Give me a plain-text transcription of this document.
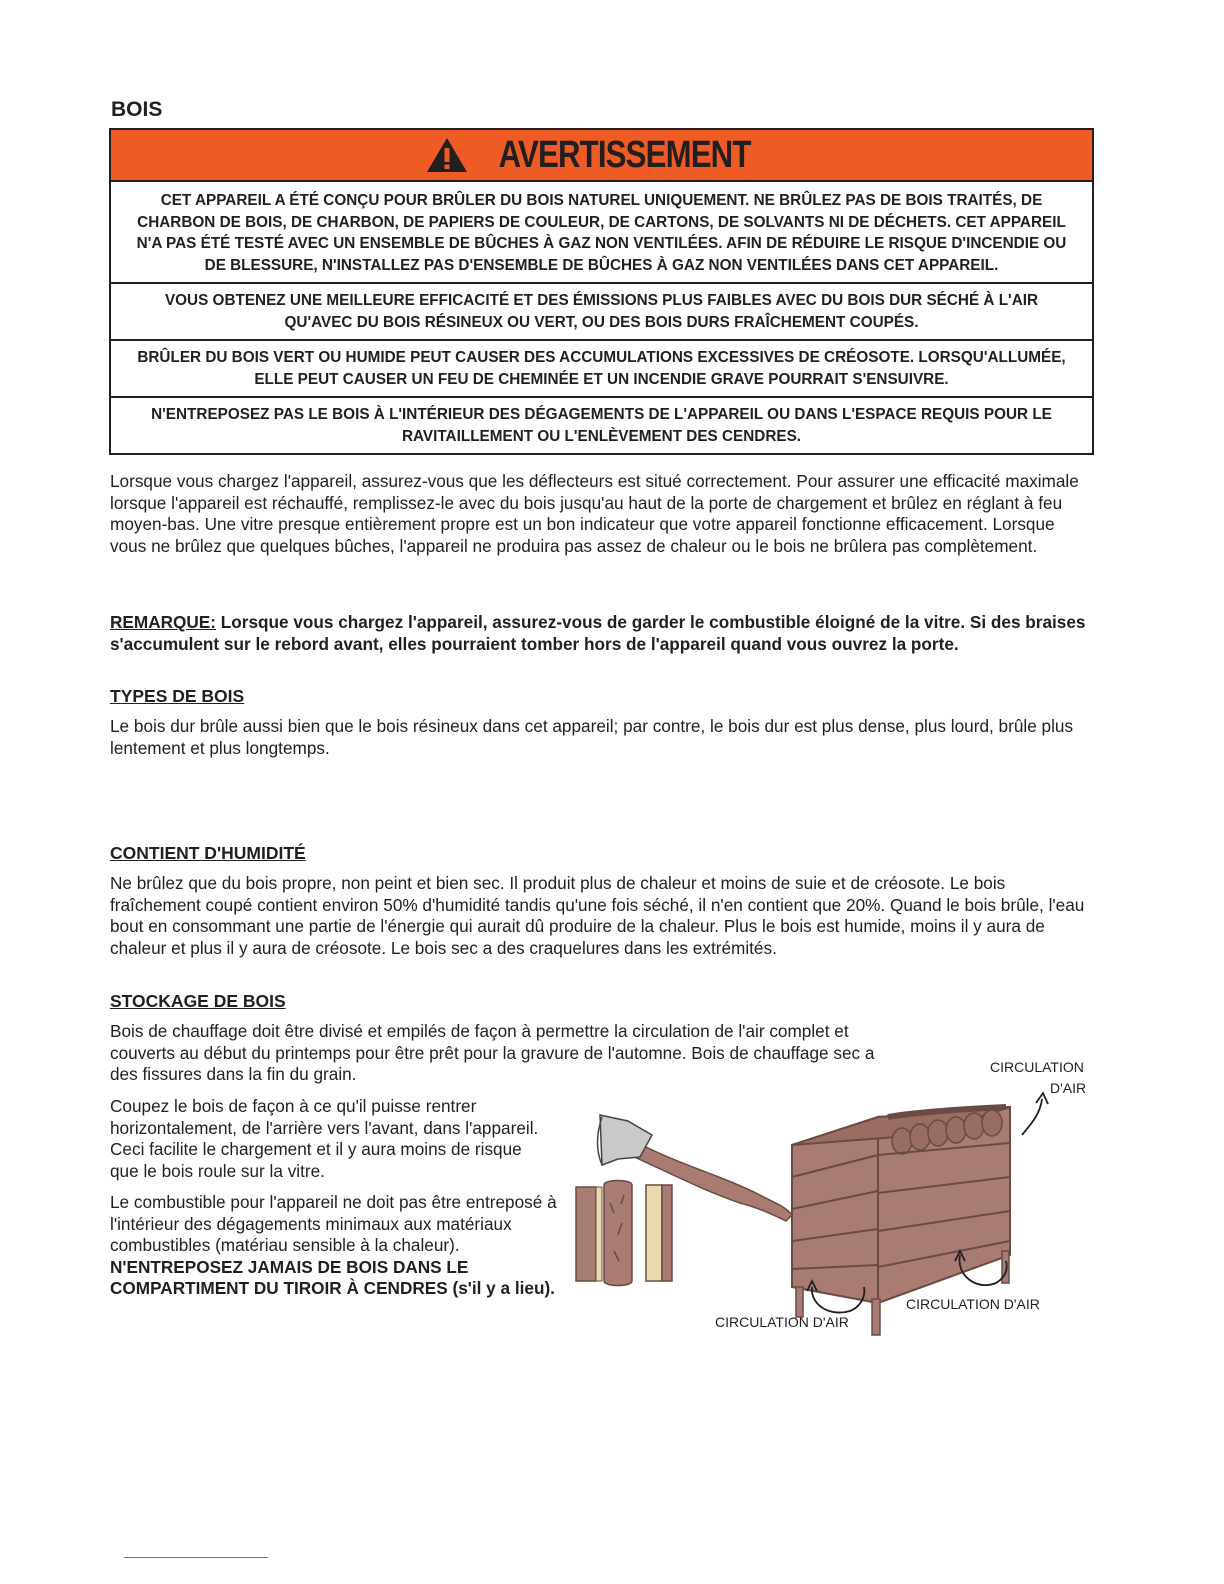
BOIS
AVERTISSEMENT
CET APPAREIL A ÉTÉ CONÇU POUR BRÛLER DU BOIS NATUREL UNIQUEMENT. NE BRÛLEZ PAS DE BOIS TRAITÉS, DE CHARBON DE BOIS, DE CHARBON, DE PAPIERS DE COULEUR, DE CARTONS, DE SOLVANTS NI DE DÉCHETS. CET APPAREIL N'A PAS ÉTÉ TESTÉ AVEC UN ENSEMBLE DE BÛCHES À GAZ NON VENTILÉES. AFIN DE RÉDUIRE LE RISQUE D'INCENDIE OU DE BLESSURE, N'INSTALLEZ PAS D'ENSEMBLE DE BÛCHES À GAZ NON VENTILÉES DANS CET APPAREIL.
VOUS OBTENEZ UNE MEILLEURE EFFICACITÉ ET DES ÉMISSIONS PLUS FAIBLES AVEC DU BOIS DUR SÉCHÉ À L'AIR QU'AVEC DU BOIS RÉSINEUX OU VERT, OU DES BOIS DURS FRAÎCHEMENT COUPÉS.
BRÛLER DU BOIS VERT OU HUMIDE PEUT CAUSER DES ACCUMULATIONS EXCESSIVES DE CRÉOSOTE. LORSQU'ALLUMÉE, ELLE PEUT CAUSER UN FEU DE CHEMINÉE ET UN INCENDIE GRAVE POURRAIT S'ENSUIVRE.
N'ENTREPOSEZ PAS LE BOIS À L'INTÉRIEUR DES DÉGAGEMENTS DE L'APPAREIL OU DANS L'ESPACE REQUIS POUR LE RAVITAILLEMENT OU L'ENLÈVEMENT DES CENDRES.

Lorsque vous chargez l'appareil, assurez-vous que les déflecteurs est situé correctement. Pour assurer une efficacité maximale lorsque l'appareil est réchauffé, remplissez-le avec du bois jusqu'au haut de la porte de chargement et brûlez en réglant à feu moyen-bas. Une vitre presque entièrement propre est un bon indicateur que votre appareil fonctionne efficacement. Lorsque vous ne brûlez que quelques bûches, l'appareil ne produira pas assez de chaleur ou le bois ne brûlera pas complètement.

REMARQUE: Lorsque vous chargez l'appareil, assurez-vous de garder le combustible éloigné de la vitre. Si des braises s'accumulent sur le rebord avant, elles pourraient tomber hors de l'appareil quand vous ouvrez la porte.

TYPES DE BOIS

Le bois dur brûle aussi bien que le bois résineux dans cet appareil; par contre, le bois dur est plus dense, plus lourd, brûle plus lentement et plus longtemps.

CONTIENT D'HUMIDITÉ

Ne brûlez que du bois propre, non peint et bien sec. Il produit plus de chaleur et moins de suie et de créosote. Le bois fraîchement coupé contient environ 50% d'humidité tandis qu'une fois séché, il n'en contient que 20%. Quand le bois brûle, l'eau bout en consommant une partie de l'énergie qui aurait dû produire de la chaleur. Plus le bois est humide, moins il y aura de chaleur et plus il y aura de créosote. Le bois sec a des craquelures dans les extrémités.

STOCKAGE DE BOIS

Bois de chauffage doit être divisé et empilés de façon à permettre la circulation de l'air complet et couverts au début du printemps pour être prêt pour la gravure de l'automne. Bois de chauffage sec a des fissures dans la fin du grain.

Coupez le bois de façon à ce qu'il puisse rentrer horizontalement, de l'arrière vers l'avant, dans l'appareil. Ceci facilite le chargement et il y aura moins de risque que le bois roule sur la vitre.

Le combustible pour l'appareil ne doit pas être entreposé à l'intérieur des dégagements minimaux aux matériaux combustibles (matériau sensible à la chaleur). N'ENTREPOSEZ JAMAIS DE BOIS DANS LE COMPARTIMENT DU TIROIR À CENDRES (s'il y a lieu).

CIRCULATION
D'AIR
CIRCULATION D'AIR
CIRCULATION D'AIR
